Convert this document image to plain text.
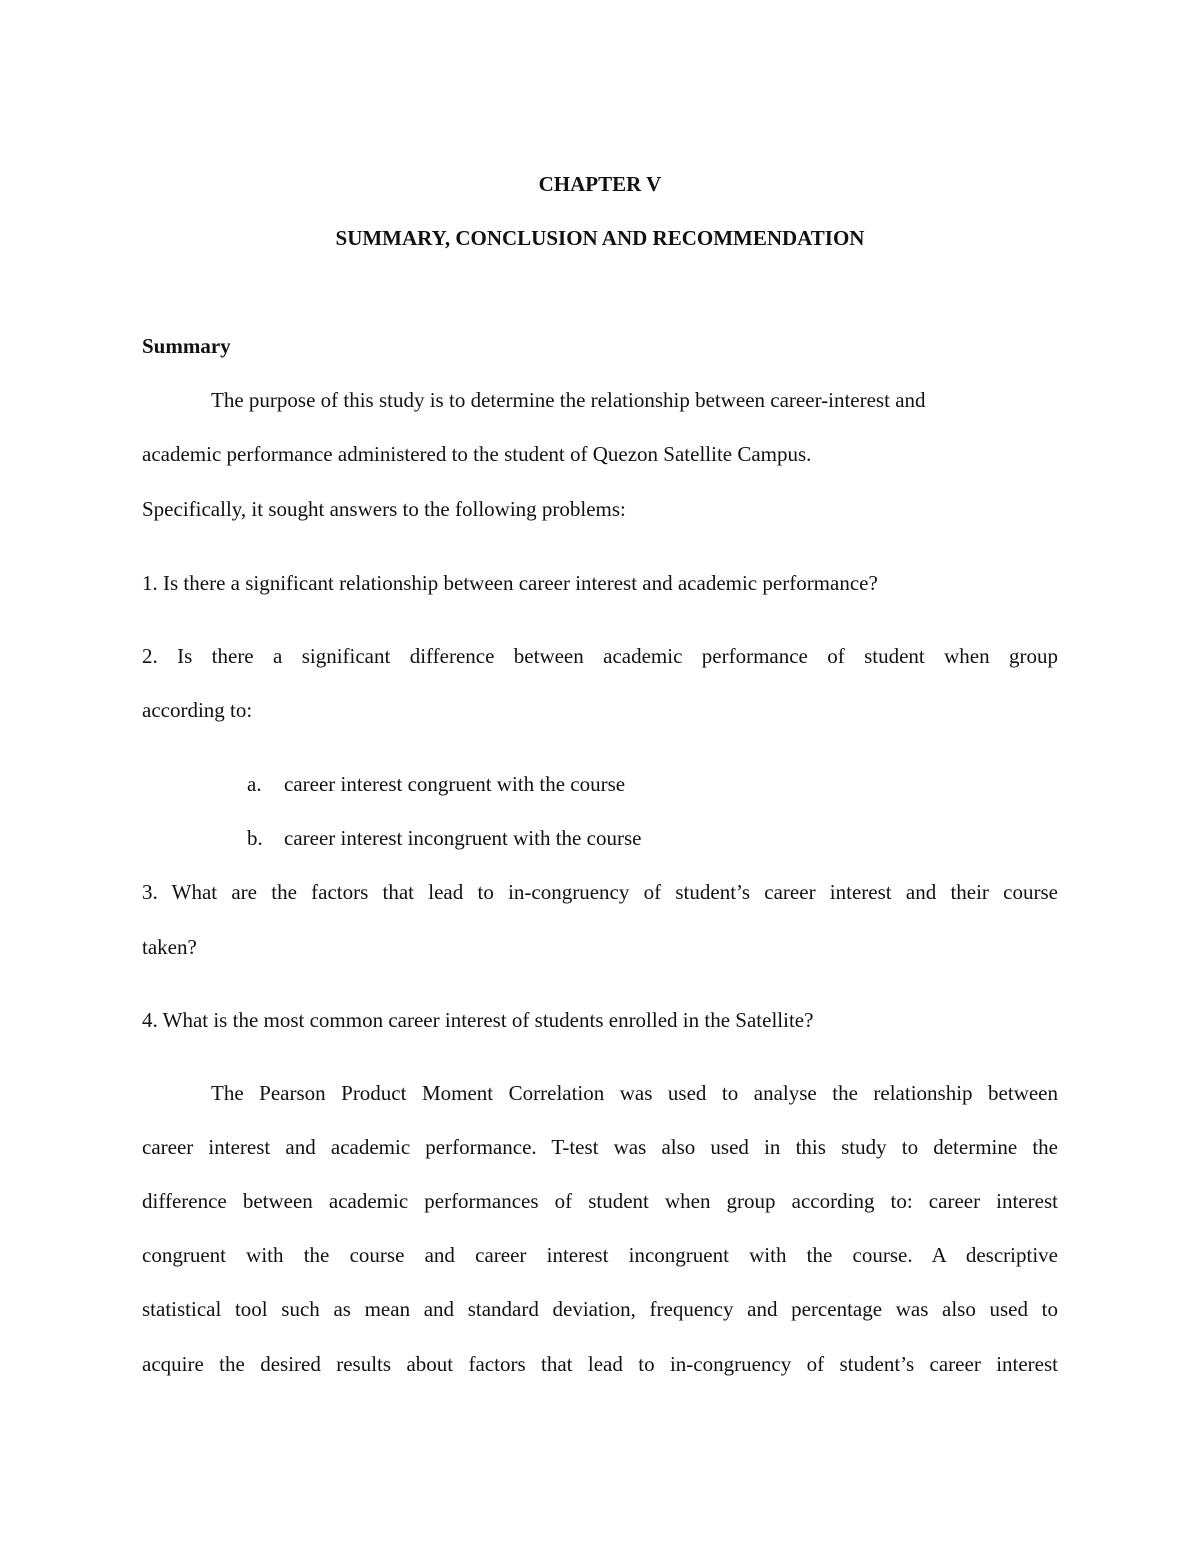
CHAPTER V
SUMMARY, CONCLUSION AND RECOMMENDATION
Summary
The purpose of this study is to determine the relationship between career-interest and
academic performance administered to the student of Quezon Satellite Campus.
Specifically, it sought answers to the following problems:
1. Is there a significant relationship between career interest and academic performance?
2. Is there a significant difference between academic performance of student when group
according to:
a. career interest congruent with the course
b. career interest incongruent with the course
3. What are the factors that lead to in-congruency of student’s career interest and their course
taken?
4. What is the most common career interest of students enrolled in the Satellite?
The Pearson Product Moment Correlation was used to analyse the relationship between
career interest and academic performance. T-test was also used in this study to determine the
difference between academic performances of student when group according to: career interest
congruent with the course and career interest incongruent with the course. A descriptive
statistical tool such as mean and standard deviation, frequency and percentage was also used to
acquire the desired results about factors that lead to in-congruency of student’s career interest
